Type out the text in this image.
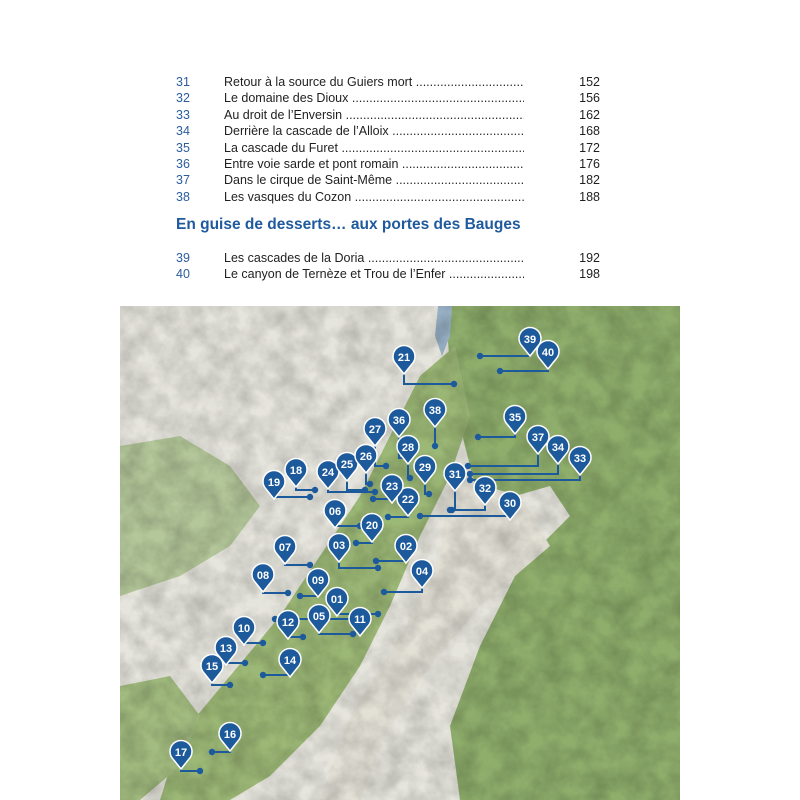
31	Retour à la source du Guiers mort .....	152
32	Le domaine des Dioux .....	156
33	Au droit de l’Enversin .....	162
34	Derrière la cascade de l’Alloix .....	168
35	La cascade du Furet .....	172
36	Entre voie sarde et pont romain .....	176
37	Dans le cirque de Saint-Même .....	182
38	Les vasques du Cozon .....	188
En guise de desserts… aux portes des Bauges
39	Les cascades de la Doria .....	192
40	Le canyon de Ternèze et Trou de l’Enfer .....	198
01
02
03
04
05
06
07
08	09
10
11
12
13
14
15
16
17
18
19
20
21
22
23
24
25
26
27
28
29
30
31
32
33
34
35
36
37
38
39
40
